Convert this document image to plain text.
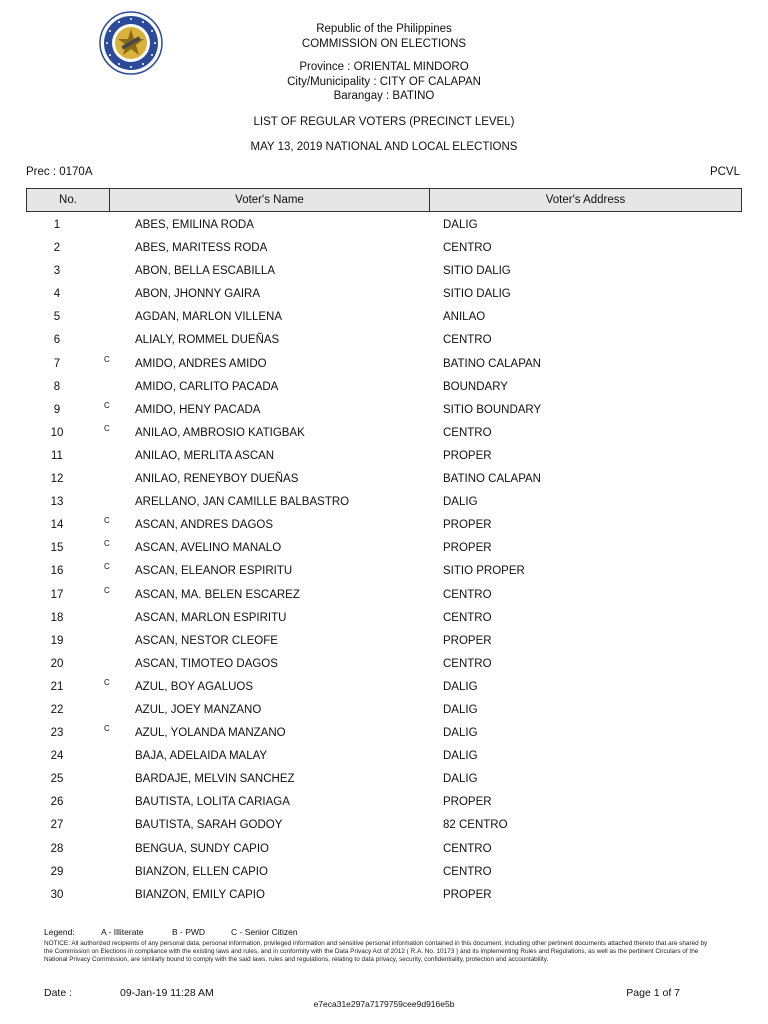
Republic of the Philippines
COMMISSION ON ELECTIONS
Province : ORIENTAL MINDORO
City/Municipality : CITY OF CALAPAN
Barangay : BATINO
LIST OF REGULAR VOTERS (PRECINCT LEVEL)
MAY 13, 2019 NATIONAL AND LOCAL ELECTIONS
Prec : 0170A	PCVL
No.	Voter's Name	Voter's Address
1	ABES, EMILINA RODA	DALIG
2	ABES, MARITESS RODA	CENTRO
3	ABON, BELLA ESCABILLA	SITIO DALIG
4	ABON, JHONNY GAIRA	SITIO DALIG
5	AGDAN, MARLON VILLENA	ANILAO
6	ALIALY, ROMMEL DUEÑAS	CENTRO
7	C AMIDO, ANDRES AMIDO	BATINO CALAPAN
8	AMIDO, CARLITO PACADA	BOUNDARY
9	C AMIDO, HENY PACADA	SITIO BOUNDARY
10	C ANILAO, AMBROSIO KATIGBAK	CENTRO
11	ANILAO, MERLITA ASCAN	PROPER
12	ANILAO, RENEYBOY DUEÑAS	BATINO CALAPAN
13	ARELLANO, JAN CAMILLE BALBASTRO	DALIG
14	C ASCAN, ANDRES DAGOS	PROPER
15	C ASCAN, AVELINO MANALO	PROPER
16	C ASCAN, ELEANOR ESPIRITU	SITIO PROPER
17	C ASCAN, MA. BELEN ESCAREZ	CENTRO
18	ASCAN, MARLON ESPIRITU	CENTRO
19	ASCAN, NESTOR CLEOFE	PROPER
20	ASCAN, TIMOTEO DAGOS	CENTRO
21	C AZUL, BOY AGALUOS	DALIG
22	AZUL, JOEY MANZANO	DALIG
23	C AZUL, YOLANDA MANZANO	DALIG
24	BAJA, ADELAIDA MALAY	DALIG
25	BARDAJE, MELVIN SANCHEZ	DALIG
26	BAUTISTA, LOLITA CARIAGA	PROPER
27	BAUTISTA, SARAH GODOY	82 CENTRO
28	BENGUA, SUNDY CAPIO	CENTRO
29	BIANZON, ELLEN CAPIO	CENTRO
30	BIANZON, EMILY CAPIO	PROPER
Legend:	A - Illiterate	B - PWD	C - Senior Citizen
NOTICE: All authorized recipients of any personal data, personal information, privileged information and sensitive personal information contained in this document, including other pertinent documents attached thereto that are shared by the Commission on Elections in compliance with the existing laws and rules, and in conformity with the Data Privacy Act of 2012 ( R.A. No. 10173 ) and its implementing Rules and Regulations, as well as the pertinent Circulars of the National Privacy Commission, are similarly bound to comply with the said laws, rules and regulations, relating to data privacy, security, confidentiality, protection and accountability.
Date :	09-Jan-19 11:28 AM	Page 1 of 7
e7eca31e297a7179759cee9d916e5b
